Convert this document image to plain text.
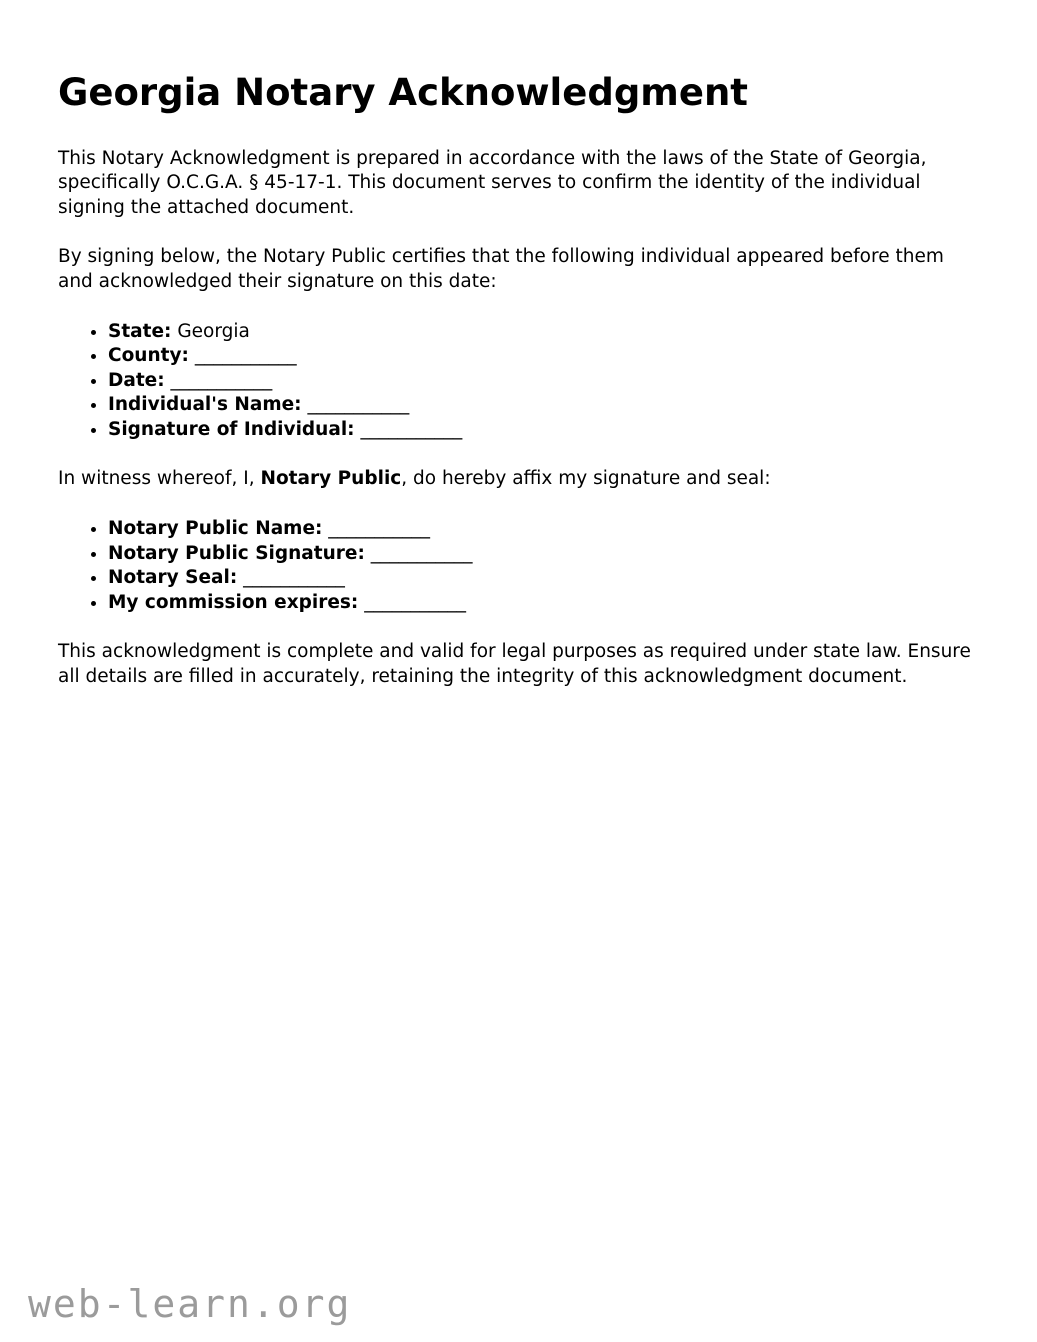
Georgia Notary Acknowledgment

This Notary Acknowledgment is prepared in accordance with the laws of the State of Georgia, specifically O.C.G.A. § 45-17-1. This document serves to confirm the identity of the individual signing the attached document.

By signing below, the Notary Public certifies that the following individual appeared before them and acknowledged their signature on this date:

• State: Georgia
• County: ___________
• Date: ___________
• Individual's Name: ___________
• Signature of Individual: ___________

In witness whereof, I, Notary Public, do hereby affix my signature and seal:

• Notary Public Name: ___________
• Notary Public Signature: ___________
• Notary Seal: ___________
• My commission expires: ___________

This acknowledgment is complete and valid for legal purposes as required under state law. Ensure all details are filled in accurately, retaining the integrity of this acknowledgment document.

web-learn.org
